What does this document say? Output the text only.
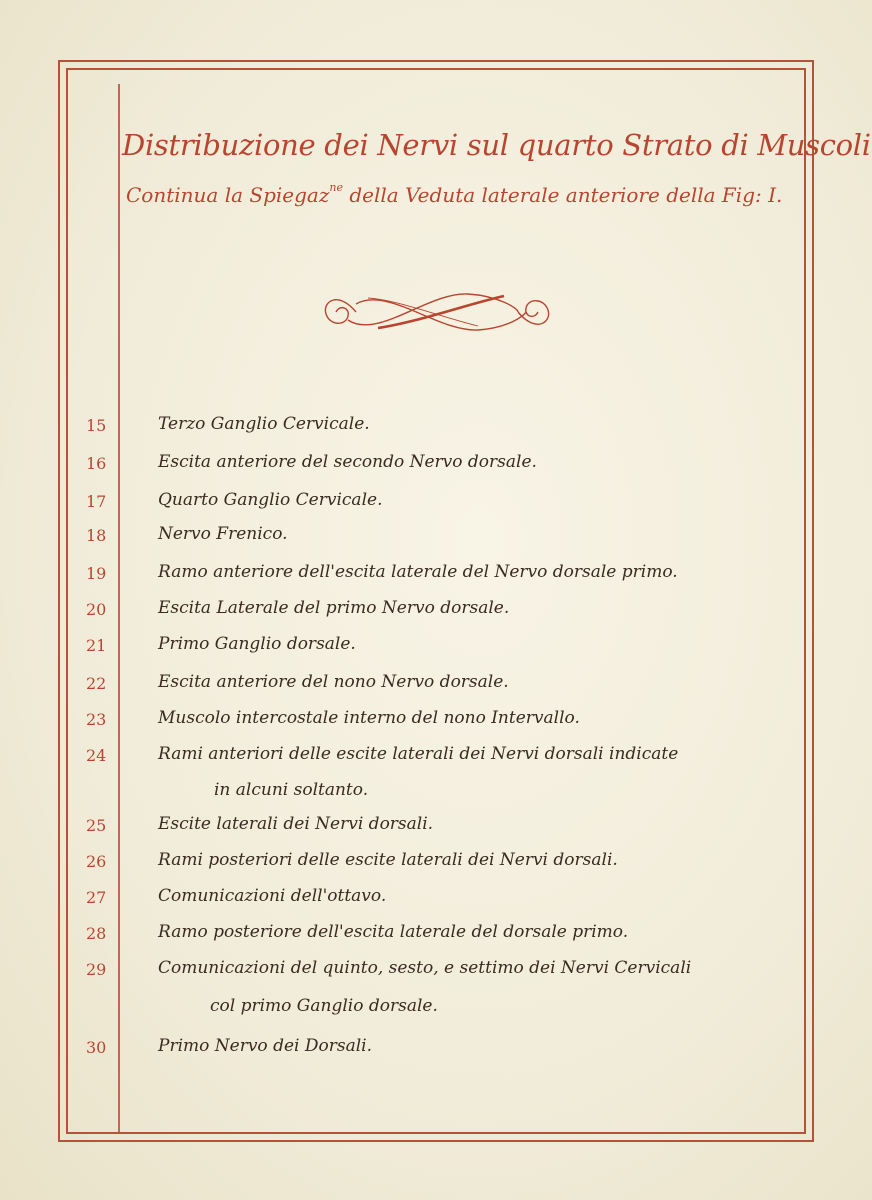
Distribuzione dei Nervi sul quarto Strato di Muscoli
Continua la Spiegaz$^{ne}$ della Veduta laterale anteriore della Fig: I.
15	Terzo Ganglio Cervicale.
16	Escita anteriore del secondo Nervo dorsale.
17	Quarto Ganglio Cervicale.
18	Nervo Frenico.
19	Ramo anteriore dell'escita laterale del Nervo dorsale primo.
20	Escita Laterale del primo Nervo dorsale.
21	Primo Ganglio dorsale.
22	Escita anteriore del nono Nervo dorsale.
23	Muscolo intercostale interno del nono Intervallo.
24	Rami anteriori delle escite laterali dei Nervi dorsali indicate
in alcuni soltanto.
25	Escite laterali dei Nervi dorsali.
26	Rami posteriori delle escite laterali dei Nervi dorsali.
27	Comunicazioni dell'ottavo.
28	Ramo posteriore dell'escita laterale del dorsale primo.
29	Comunicazioni del quinto, sesto, e settimo dei Nervi Cervicali
col primo Ganglio dorsale.
30	Primo Nervo dei Dorsali.
